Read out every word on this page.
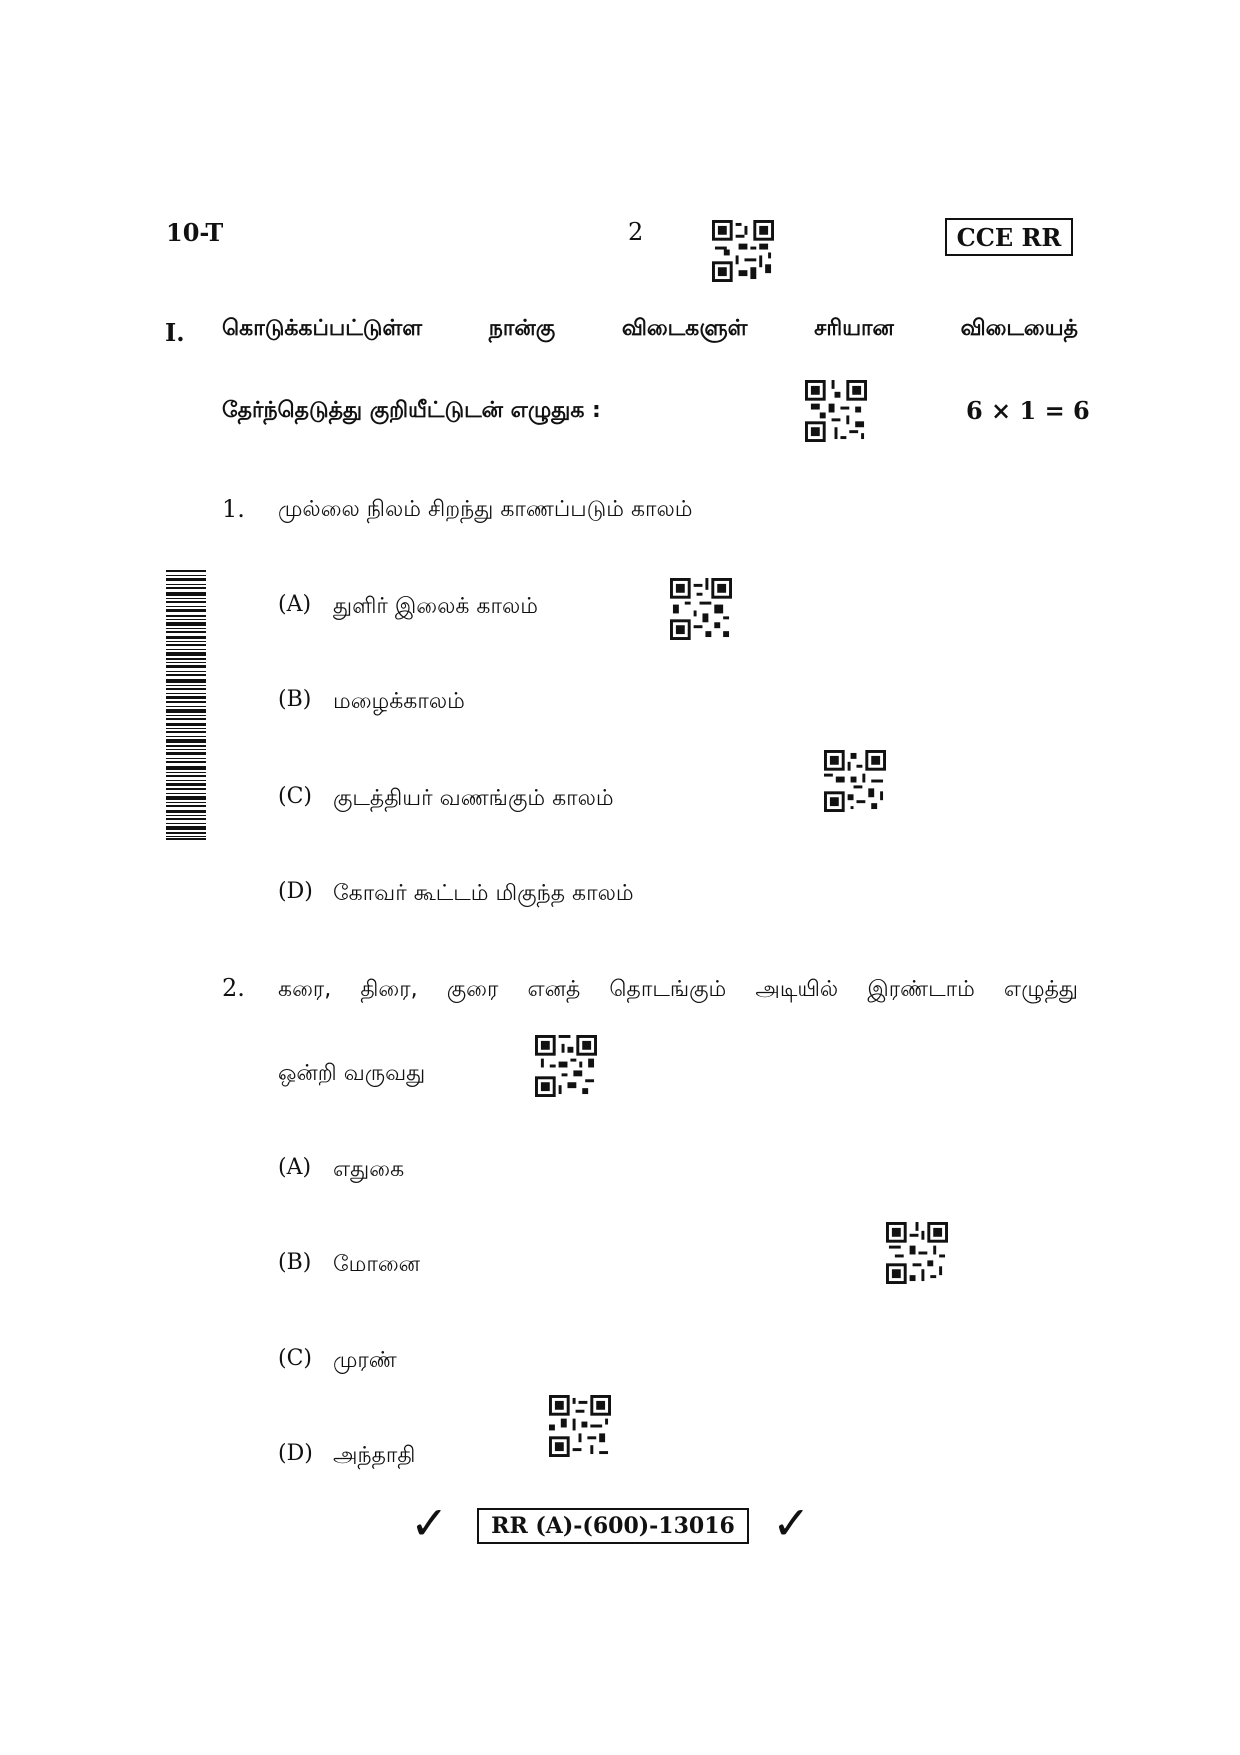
10-T	2	CCE RR
I. கொடுக்கப்பட்டுள்ள	நான்கு	விடைகளுள்	சரியான	விடையைத்
தேர்ந்தெடுத்து குறியீட்டுடன் எழுதுக :	6 × 1 = 6
1. முல்லை நிலம் சிறந்து காணப்படும் காலம்
(A) துளிர் இலைக் காலம்
(B) மழைக்காலம்
(C) குடத்தியர் வணங்கும் காலம்
(D) கோவர் கூட்டம் மிகுந்த காலம்
2. கரை, திரை, குரை எனத் தொடங்கும் அடியில் இரண்டாம் எழுத்து
ஒன்றி வருவது
(A) எதுகை
(B) மோனை
(C) முரண்
(D) அந்தாதி
✓	RR (A)-(600)-13016 ✓
